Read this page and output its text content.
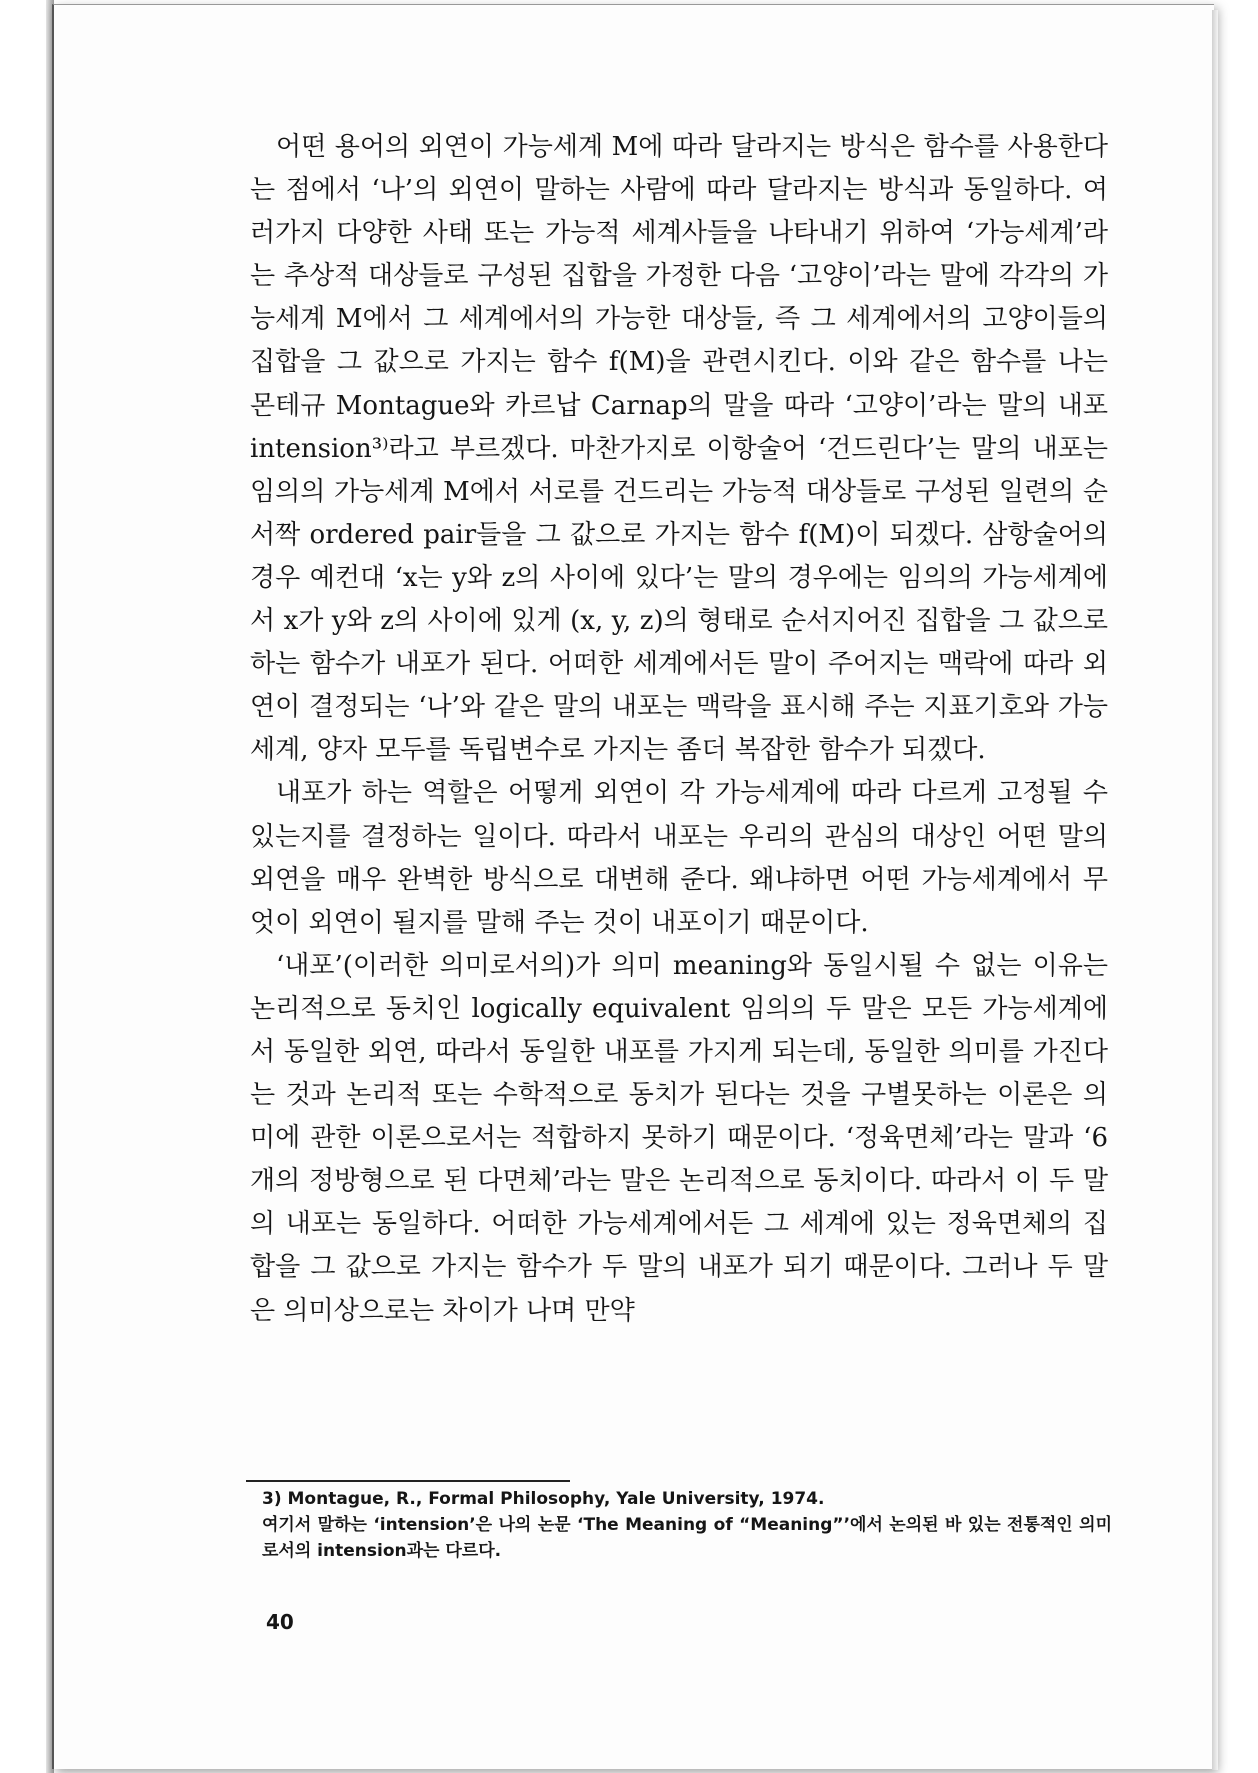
어떤 용어의 외연이 가능세계 M에 따라 달라지는 방식은 함수를 사용한다는 점에서 ‘나’의 외연이 말하는 사람에 따라 달라지는 방식과 동일하다. 여러가지 다양한 사태 또는 가능적 세계사들을 나타내기 위하여 ‘가능세계’라는 추상적 대상들로 구성된 집합을 가정한 다음 ‘고양이’라는 말에 각각의 가능세계 M에서 그 세계에서의 가능한 대상들, 즉 그 세계에서의 고양이들의 집합을 그 값으로 가지는 함수 f(M)을 관련시킨다. 이와 같은 함수를 나는 몬테규 Montague와 카르납 Carnap의 말을 따라 ‘고양이’라는 말의 내포 intension³⁾라고 부르겠다. 마찬가지로 이항술어 ‘건드린다’는 말의 내포는 임의의 가능세계 M에서 서로를 건드리는 가능적 대상들로 구성된 일련의 순서짝 ordered pair들을 그 값으로 가지는 함수 f(M)이 되겠다. 삼항술어의 경우 예컨대 ‘x는 y와 z의 사이에 있다’는 말의 경우에는 임의의 가능세계에서 x가 y와 z의 사이에 있게 (x, y, z)의 형태로 순서지어진 집합을 그 값으로 하는 함수가 내포가 된다. 어떠한 세계에서든 말이 주어지는 맥락에 따라 외연이 결정되는 ‘나’와 같은 말의 내포는 맥락을 표시해 주는 지표기호와 가능세계, 양자 모두를 독립변수로 가지는 좀더 복잡한 함수가 되겠다.

내포가 하는 역할은 어떻게 외연이 각 가능세계에 따라 다르게 고정될 수 있는지를 결정하는 일이다. 따라서 내포는 우리의 관심의 대상인 어떤 말의 외연을 매우 완벽한 방식으로 대변해 준다. 왜냐하면 어떤 가능세계에서 무엇이 외연이 될지를 말해 주는 것이 내포이기 때문이다.

‘내포’(이러한 의미로서의)가 의미 meaning와 동일시될 수 없는 이유는 논리적으로 동치인 logically equivalent 임의의 두 말은 모든 가능세계에서 동일한 외연, 따라서 동일한 내포를 가지게 되는데, 동일한 의미를 가진다는 것과 논리적 또는 수학적으로 동치가 된다는 것을 구별못하는 이론은 의미에 관한 이론으로서는 적합하지 못하기 때문이다. ‘정육면체’라는 말과 ‘6개의 정방형으로 된 다면체’라는 말은 논리적으로 동치이다. 따라서 이 두 말의 내포는 동일하다. 어떠한 가능세계에서든 그 세계에 있는 정육면체의 집합을 그 값으로 가지는 함수가 두 말의 내포가 되기 때문이다. 그러나 두 말은 의미상으로는 차이가 나며 만약

3) Montague, R., Formal Philosophy, Yale University, 1974.

여기서 말하는 ‘intension’은 나의 논문 ‘The Meaning of “Meaning”’에서 논의된 바 있는 전통적인 의미로서의 intension과는 다르다.

40
